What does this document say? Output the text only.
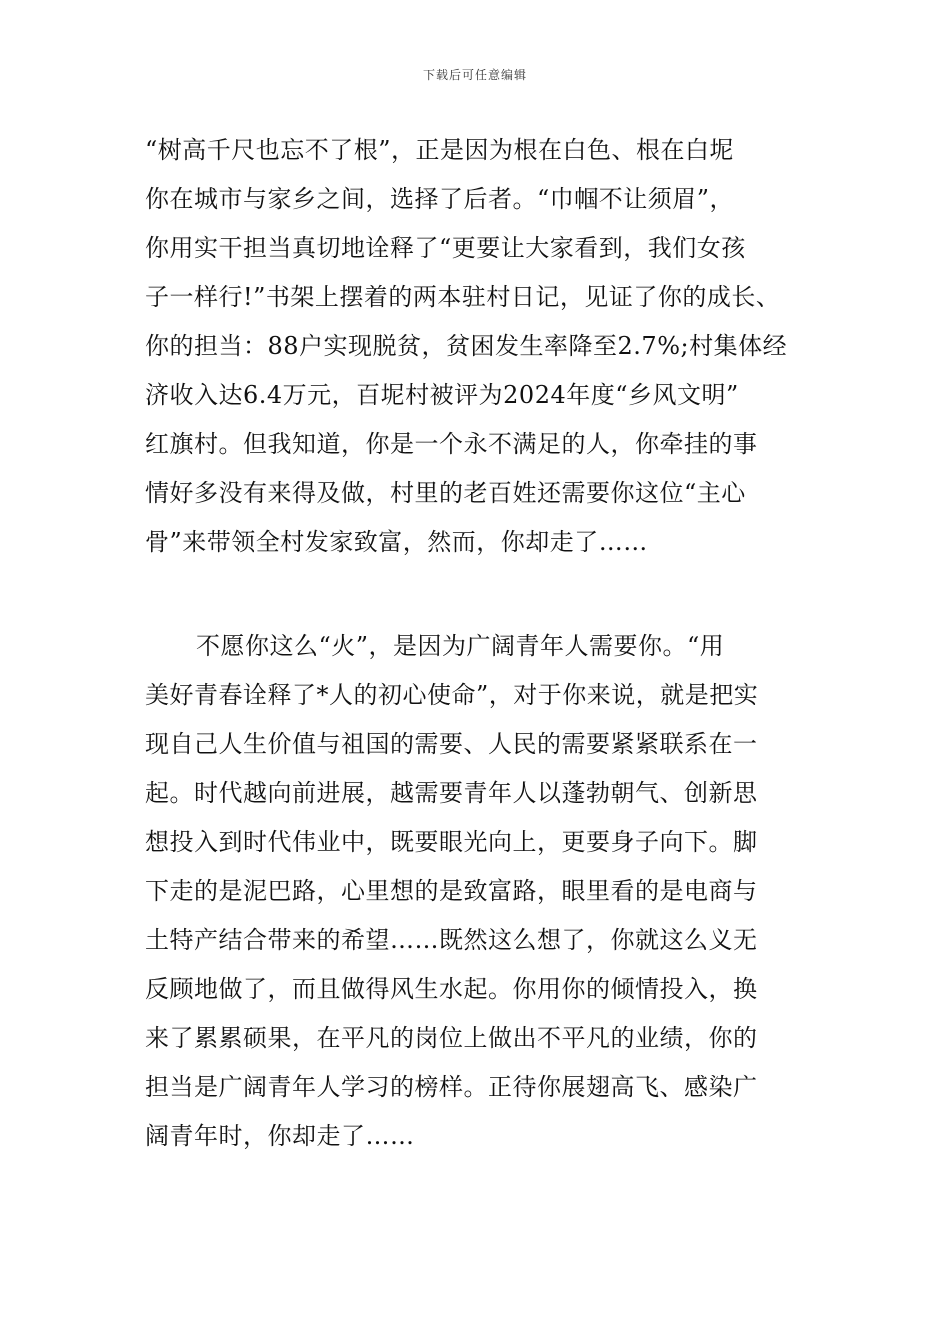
下载后可任意编辑
“树高千尺也忘不了根”，正是因为根在白色、根在白坭
你在城市与家乡之间，选择了后者。“巾帼不让须眉”，
你用实干担当真切地诠释了“更要让大家看到，我们女孩
子一样行!”书架上摆着的两本驻村日记，见证了你的成长、
你的担当：88户实现脱贫，贫困发生率降至2.7%;村集体经
济收入达6.4万元，百坭村被评为2024年度“乡风文明”
红旗村。但我知道，你是一个永不满足的人，你牵挂的事
情好多没有来得及做，村里的老百姓还需要你这位“主心
骨”来带领全村发家致富，然而，你却走了……
不愿你这么“火”，是因为广阔青年人需要你。“用
美好青春诠释了*人的初心使命”，对于你来说，就是把实
现自己人生价值与祖国的需要、人民的需要紧紧联系在一
起。时代越向前进展，越需要青年人以蓬勃朝气、创新思
想投入到时代伟业中，既要眼光向上，更要身子向下。脚
下走的是泥巴路，心里想的是致富路，眼里看的是电商与
土特产结合带来的希望……既然这么想了，你就这么义无
反顾地做了，而且做得风生水起。你用你的倾情投入，换
来了累累硕果，在平凡的岗位上做出不平凡的业绩，你的
担当是广阔青年人学习的榜样。正待你展翅高飞、感染广
阔青年时，你却走了……
